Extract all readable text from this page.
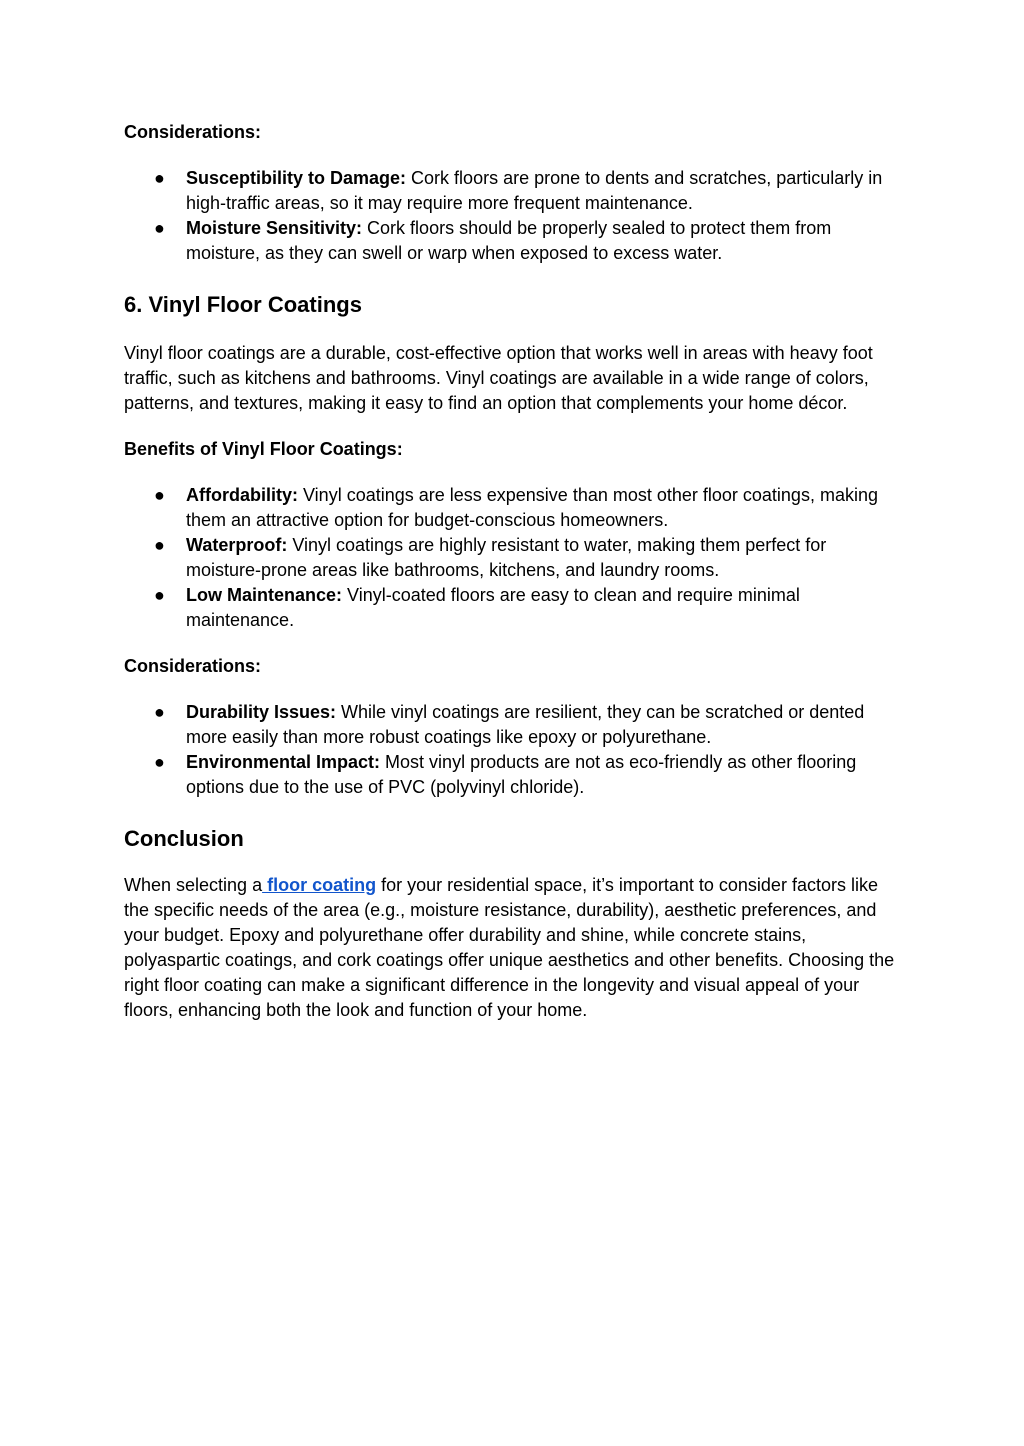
Considerations:

● Susceptibility to Damage: Cork floors are prone to dents and scratches, particularly in high-traffic areas, so it may require more frequent maintenance.
● Moisture Sensitivity: Cork floors should be properly sealed to protect them from moisture, as they can swell or warp when exposed to excess water.
6. Vinyl Floor Coatings

Vinyl floor coatings are a durable, cost-effective option that works well in areas with heavy foot traffic, such as kitchens and bathrooms. Vinyl coatings are available in a wide range of colors, patterns, and textures, making it easy to find an option that complements your home décor.

Benefits of Vinyl Floor Coatings:

● Affordability: Vinyl coatings are less expensive than most other floor coatings, making them an attractive option for budget-conscious homeowners.
● Waterproof: Vinyl coatings are highly resistant to water, making them perfect for moisture-prone areas like bathrooms, kitchens, and laundry rooms.
● Low Maintenance: Vinyl-coated floors are easy to clean and require minimal maintenance.

Considerations:

● Durability Issues: While vinyl coatings are resilient, they can be scratched or dented more easily than more robust coatings like epoxy or polyurethane.
● Environmental Impact: Most vinyl products are not as eco-friendly as other flooring options due to the use of PVC (polyvinyl chloride).
Conclusion

When selecting a floor coating for your residential space, it’s important to consider factors like the specific needs of the area (e.g., moisture resistance, durability), aesthetic preferences, and your budget. Epoxy and polyurethane offer durability and shine, while concrete stains, polyaspartic coatings, and cork coatings offer unique aesthetics and other benefits. Choosing the right floor coating can make a significant difference in the longevity and visual appeal of your floors, enhancing both the look and function of your home.
